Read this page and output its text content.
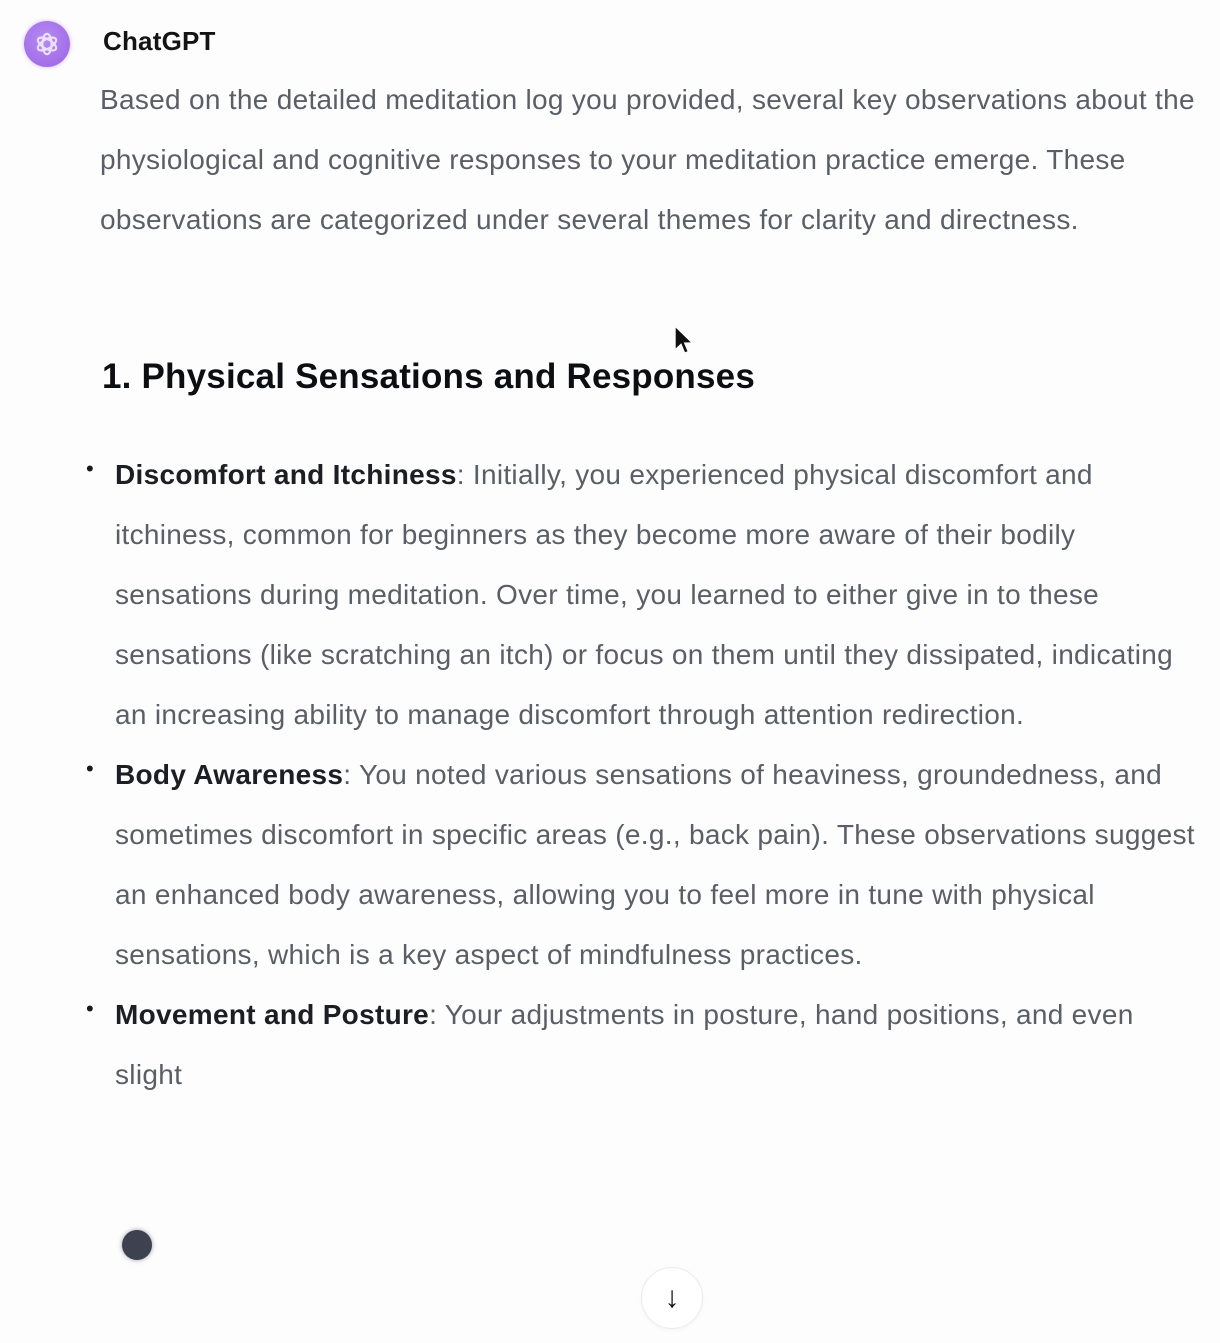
ChatGPT
Based on the detailed meditation log you provided, several key observations about the physiological and cognitive responses to your meditation practice emerge. These observations are categorized under several themes for clarity and directness.
1. Physical Sensations and Responses
• Discomfort and Itchiness: Initially, you experienced physical discomfort and itchiness, common for beginners as they become more aware of their bodily sensations during meditation. Over time, you learned to either give in to these sensations (like scratching an itch) or focus on them until they dissipated, indicating an increasing ability to manage discomfort through attention redirection.
• Body Awareness: You noted various sensations of heaviness, groundedness, and sometimes discomfort in specific areas (e.g., back pain). These observations suggest an enhanced body awareness, allowing you to feel more in tune with physical sensations, which is a key aspect of mindfulness practices.
• Movement and Posture: Your adjustments in posture, hand positions, and even slight
↓
